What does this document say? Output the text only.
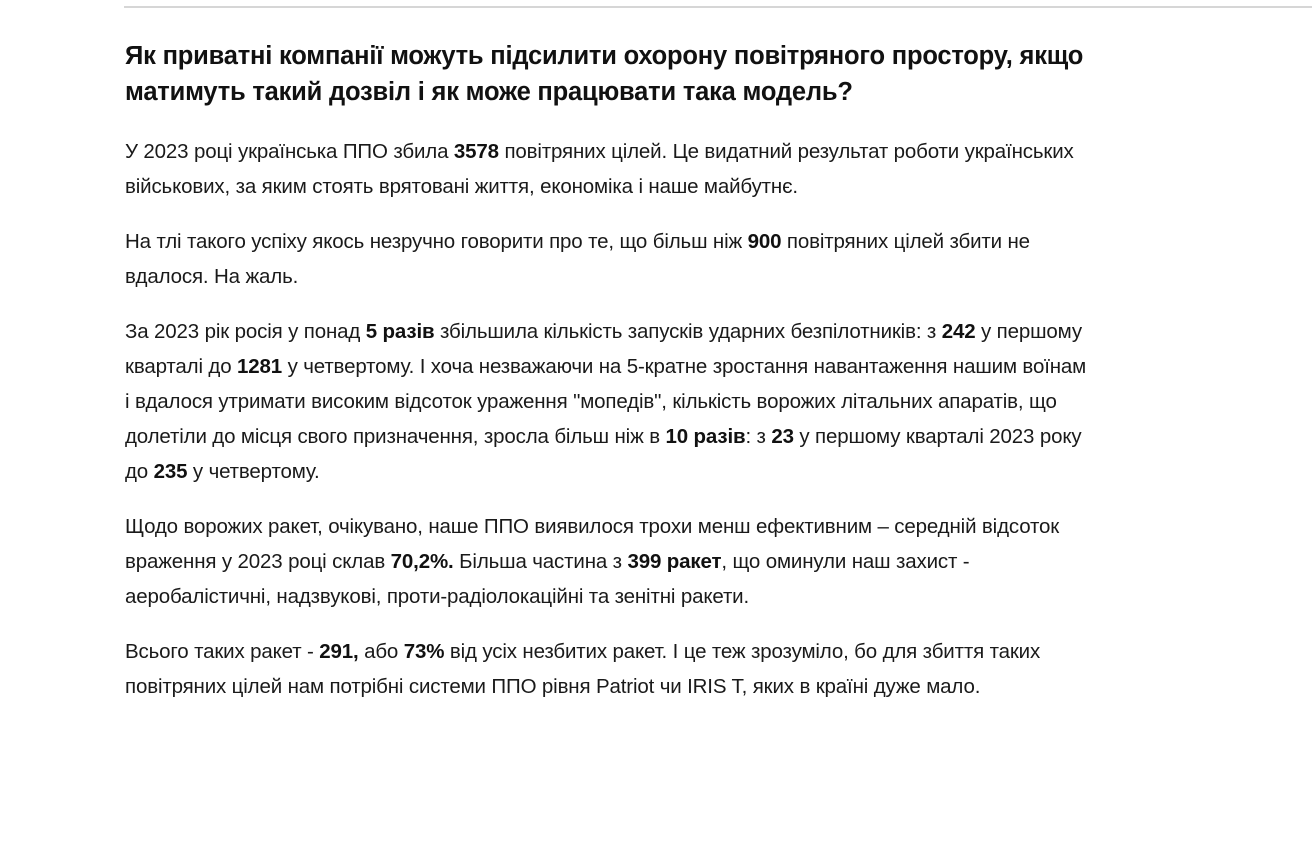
Як приватні компанії можуть підсилити охорону повітряного простору, якщо матимуть такий дозвіл і як може працювати така модель?

У 2023 році українська ППО збила 3578 повітряних цілей. Це видатний результат роботи українських військових, за яким стоять врятовані життя, економіка і наше майбутнє.

На тлі такого успіху якось незручно говорити про те, що більш ніж 900 повітряних цілей збити не вдалося. На жаль.

За 2023 рік росія у понад 5 разів збільшила кількість запусків ударних безпілотників: з 242 у першому кварталі до 1281 у четвертому. І хоча незважаючи на 5-кратне зростання навантаження нашим воїнам і вдалося утримати високим відсоток ураження "мопедів", кількість ворожих літальних апаратів, що долетіли до місця свого призначення, зросла більш ніж в 10 разів: з 23 у першому кварталі 2023 року до 235 у четвертому.

Щодо ворожих ракет, очікувано, наше ППО виявилося трохи менш ефективним – середній відсоток враження у 2023 році склав 70,2%. Більша частина з 399 ракет, що оминули наш захист - аеробалістичні, надзвукові, проти-радіолокаційні та зенітні ракети.

Всього таких ракет - 291, або 73% від усіх незбитих ракет. І це теж зрозуміло, бо для збиття таких повітряних цілей нам потрібні системи ППО рівня Patriot чи IRIS T, яких в країні дуже мало.
